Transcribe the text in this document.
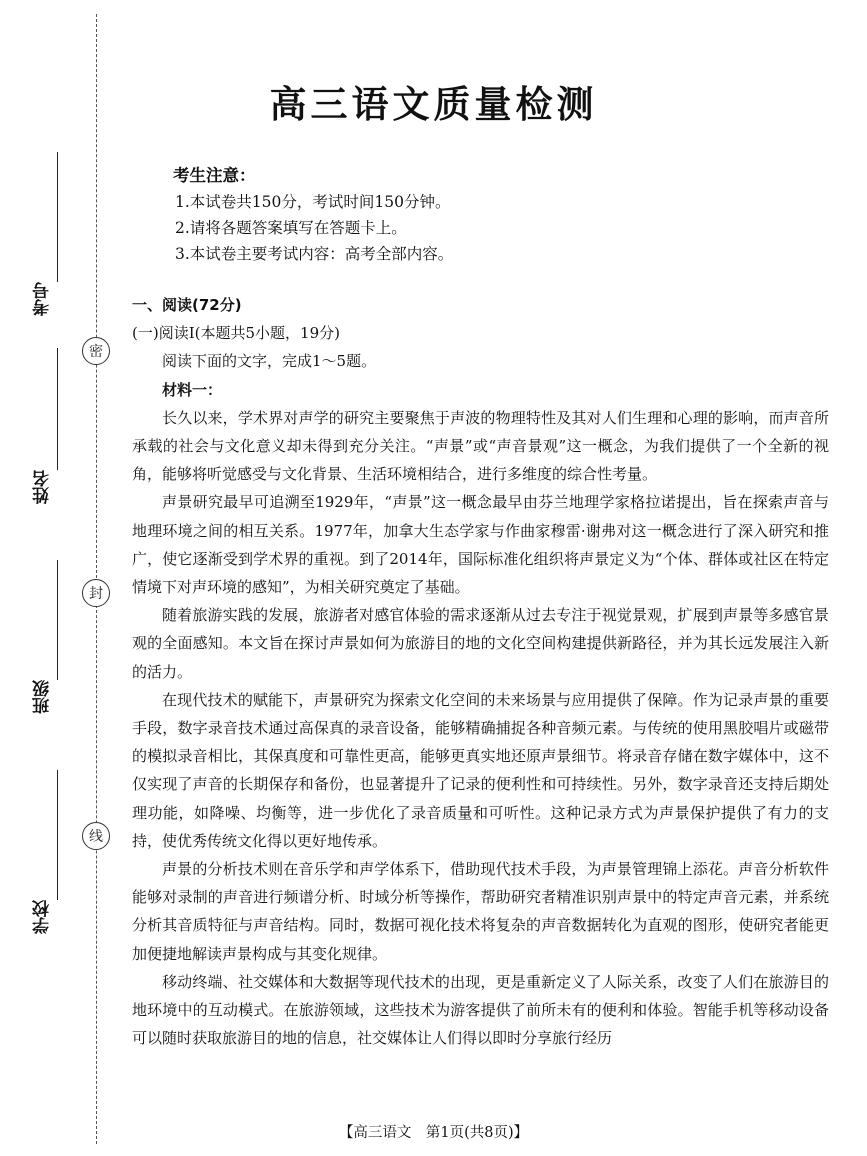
密
封
线
考号
姓名
班级
学校
高三语文质量检测
考生注意：
1.本试卷共150分，考试时间150分钟。
2.请将各题答案填写在答题卡上。
3.本试卷主要考试内容：高考全部内容。

一、阅读(72分)

(一)阅读Ⅰ(本题共5小题，19分)

阅读下面的文字，完成1～5题。

材料一：

长久以来，学术界对声学的研究主要聚焦于声波的物理特性及其对人们生理和心理的影响，而声音所承载的社会与文化意义却未得到充分关注。“声景”或“声音景观”这一概念，为我们提供了一个全新的视角，能够将听觉感受与文化背景、生活环境相结合，进行多维度的综合性考量。

声景研究最早可追溯至1929年，“声景”这一概念最早由芬兰地理学家格拉诺提出，旨在探索声音与地理环境之间的相互关系。1977年，加拿大生态学家与作曲家穆雷·谢弗对这一概念进行了深入研究和推广，使它逐渐受到学术界的重视。到了2014年，国际标准化组织将声景定义为“个体、群体或社区在特定情境下对声环境的感知”，为相关研究奠定了基础。

随着旅游实践的发展，旅游者对感官体验的需求逐渐从过去专注于视觉景观，扩展到声景等多感官景观的全面感知。本文旨在探讨声景如何为旅游目的地的文化空间构建提供新路径，并为其长远发展注入新的活力。

在现代技术的赋能下，声景研究为探索文化空间的未来场景与应用提供了保障。作为记录声景的重要手段，数字录音技术通过高保真的录音设备，能够精确捕捉各种音频元素。与传统的使用黑胶唱片或磁带的模拟录音相比，其保真度和可靠性更高，能够更真实地还原声景细节。将录音存储在数字媒体中，这不仅实现了声音的长期保存和备份，也显著提升了记录的便利性和可持续性。另外，数字录音还支持后期处理功能，如降噪、均衡等，进一步优化了录音质量和可听性。这种记录方式为声景保护提供了有力的支持，使优秀传统文化得以更好地传承。

声景的分析技术则在音乐学和声学体系下，借助现代技术手段，为声景管理锦上添花。声音分析软件能够对录制的声音进行频谱分析、时域分析等操作，帮助研究者精准识别声景中的特定声音元素，并系统分析其音质特征与声音结构。同时，数据可视化技术将复杂的声音数据转化为直观的图形，使研究者能更加便捷地解读声景构成与其变化规律。

移动终端、社交媒体和大数据等现代技术的出现，更是重新定义了人际关系，改变了人们在旅游目的地环境中的互动模式。在旅游领域，这些技术为游客提供了前所未有的便利和体验。智能手机等移动设备可以随时获取旅游目的地的信息，社交媒体让人们得以即时分享旅行经历

【高三语文　第1页(共8页)】
